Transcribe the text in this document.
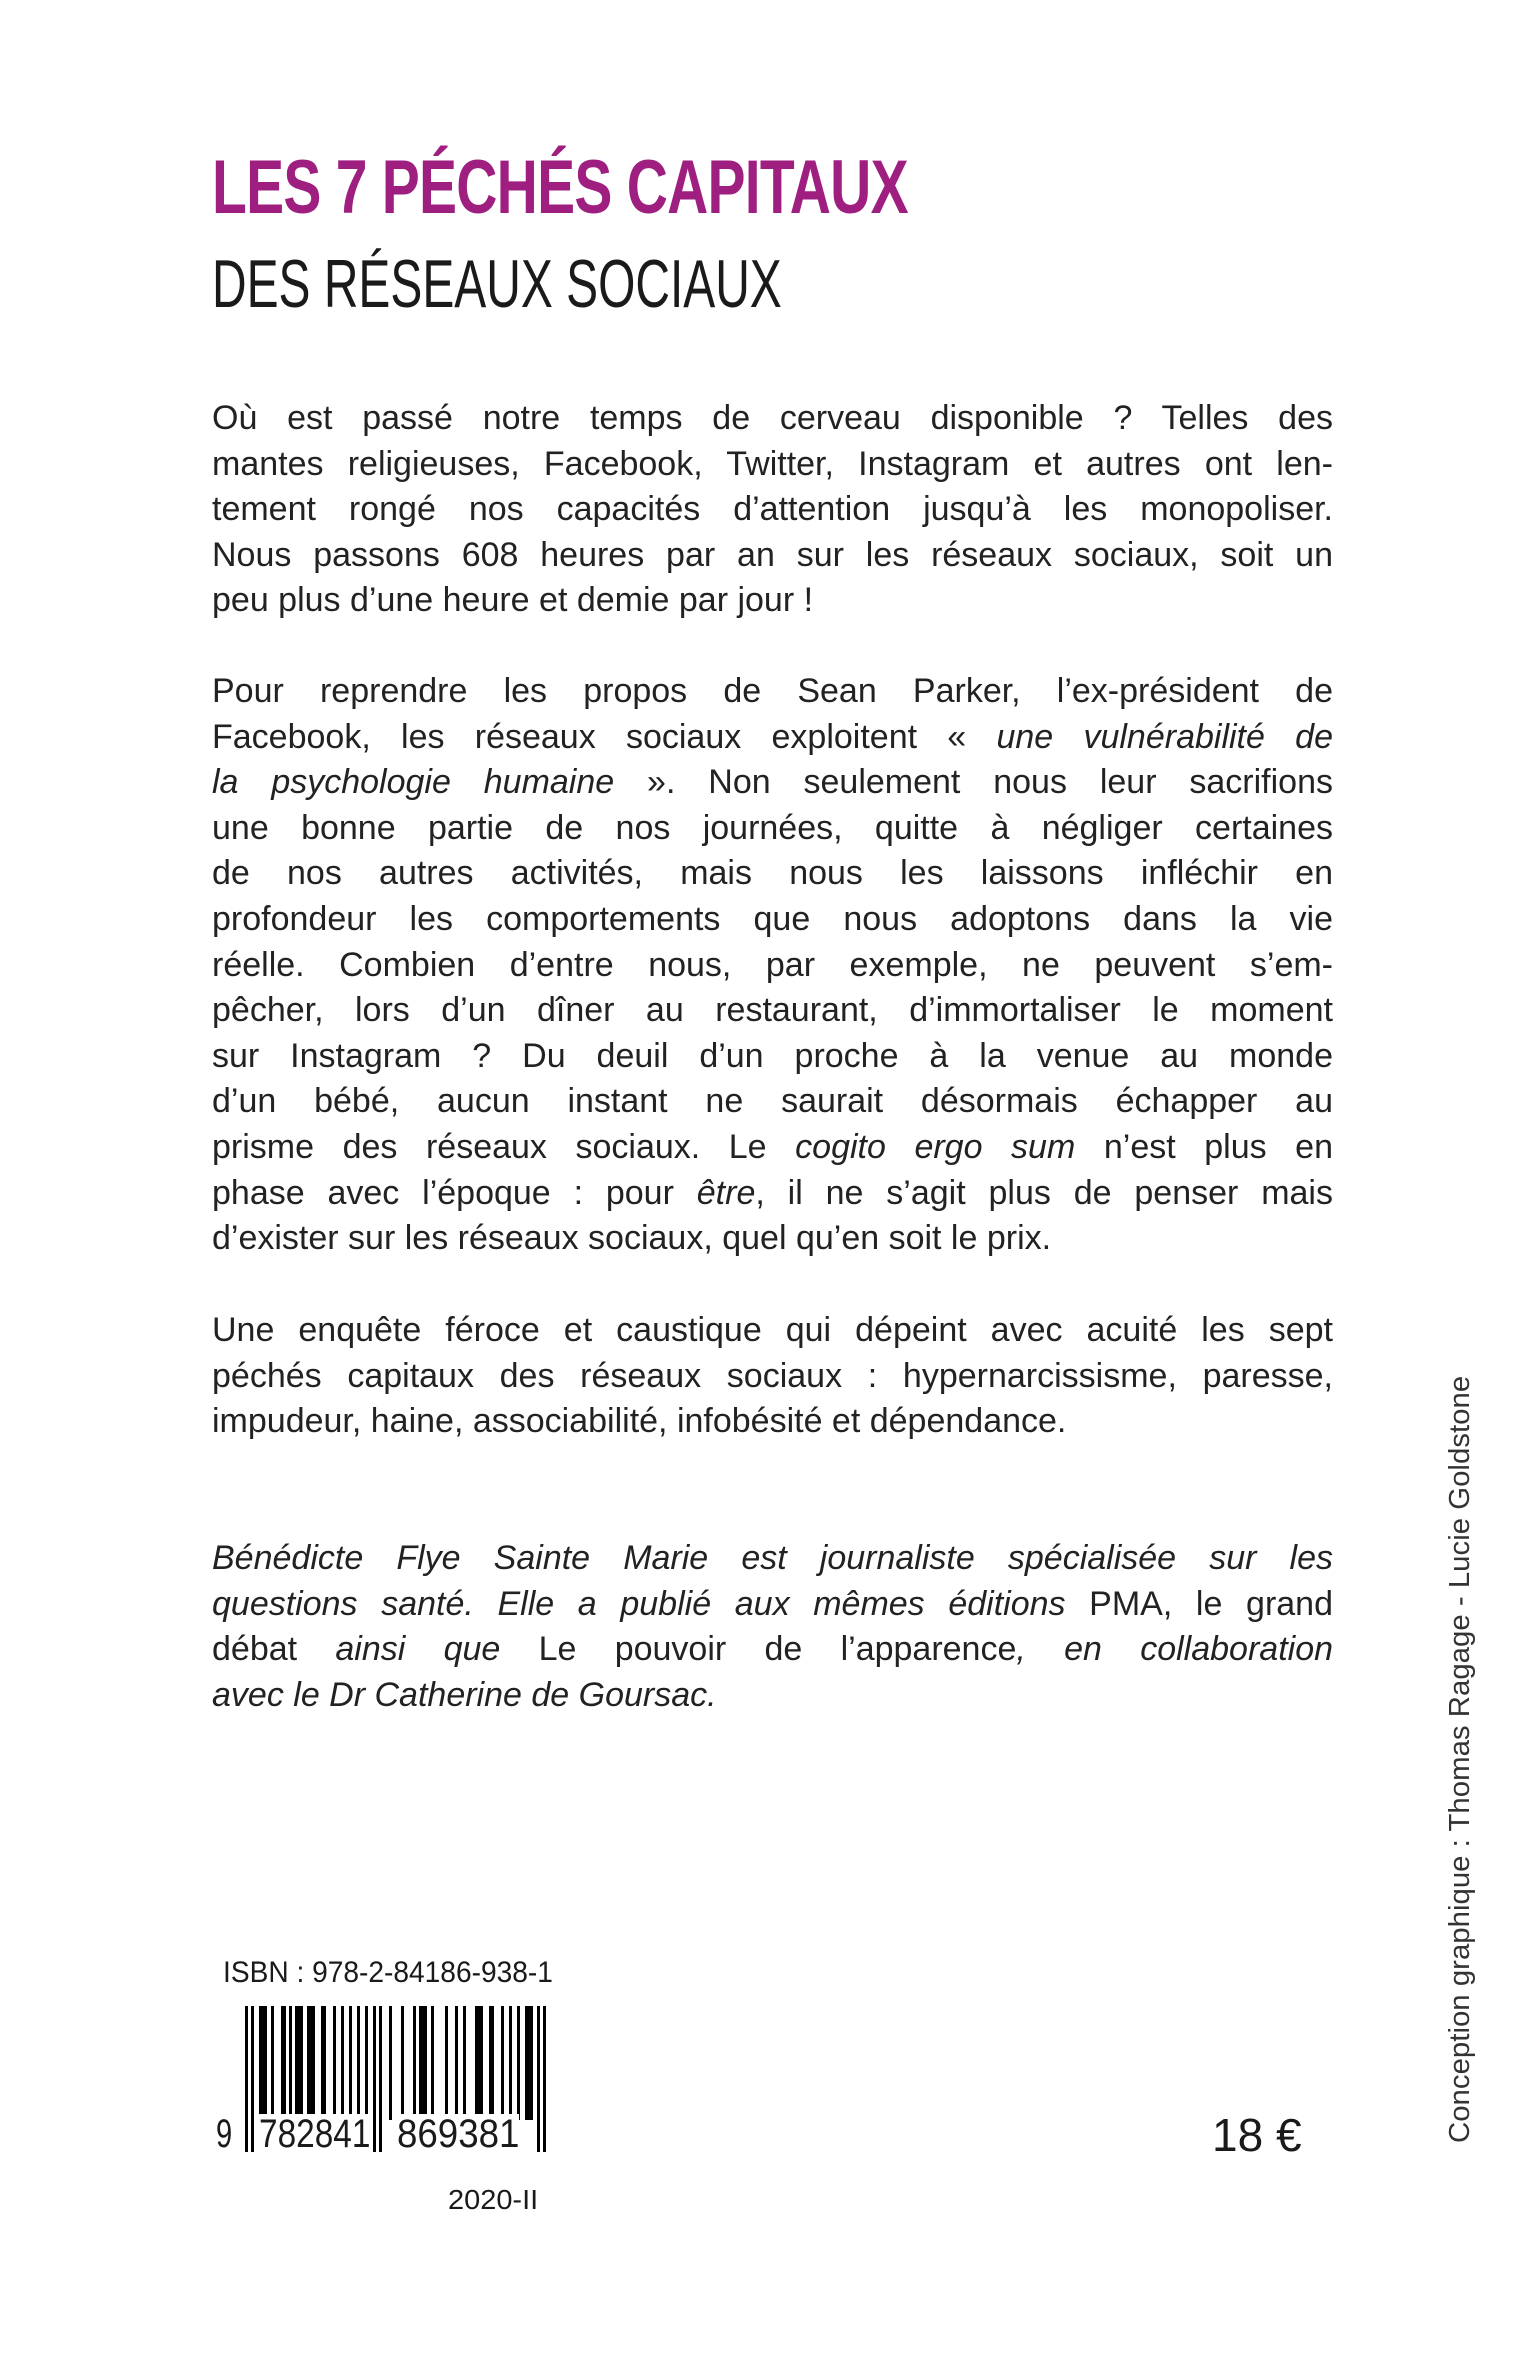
LES 7 PÉCHÉS CAPITAUX
DES RÉSEAUX SOCIAUX
Où est passé notre temps de cerveau disponible ? Telles des
mantes religieuses, Facebook, Twitter, Instagram et autres ont len-
tement rongé nos capacités d’attention jusqu’à les monopoliser.
Nous passons 608 heures par an sur les réseaux sociaux, soit un
peu plus d’une heure et demie par jour !
Pour reprendre les propos de Sean Parker, l’ex-président de
Facebook, les réseaux sociaux exploitent « une vulnérabilité de
la psychologie humaine ». Non seulement nous leur sacrifions
une bonne partie de nos journées, quitte à négliger certaines
de nos autres activités, mais nous les laissons infléchir en
profondeur les comportements que nous adoptons dans la vie
réelle. Combien d’entre nous, par exemple, ne peuvent s’em-
pêcher, lors d’un dîner au restaurant, d’immortaliser le moment
sur Instagram ? Du deuil d’un proche à la venue au monde
d’un bébé, aucun instant ne saurait désormais échapper au
prisme des réseaux sociaux. Le cogito ergo sum n’est plus en
phase avec l’époque : pour être, il ne s’agit plus de penser mais
d’exister sur les réseaux sociaux, quel qu’en soit le prix.
Une enquête féroce et caustique qui dépeint avec acuité les sept
péchés capitaux des réseaux sociaux : hypernarcissisme, paresse,
impudeur, haine, associabilité, infobésité et dépendance.
Bénédicte Flye Sainte Marie est journaliste spécialisée sur les
questions santé. Elle a publié aux mêmes éditions PMA, le grand
débat ainsi que Le pouvoir de l’apparence, en collaboration
avec le Dr Catherine de Goursac.
ISBN : 978-2-84186-938-1
9 782841 869381
2020-II
18 €	Conception graphique : Thomas Ragage - Lucie Goldstone
